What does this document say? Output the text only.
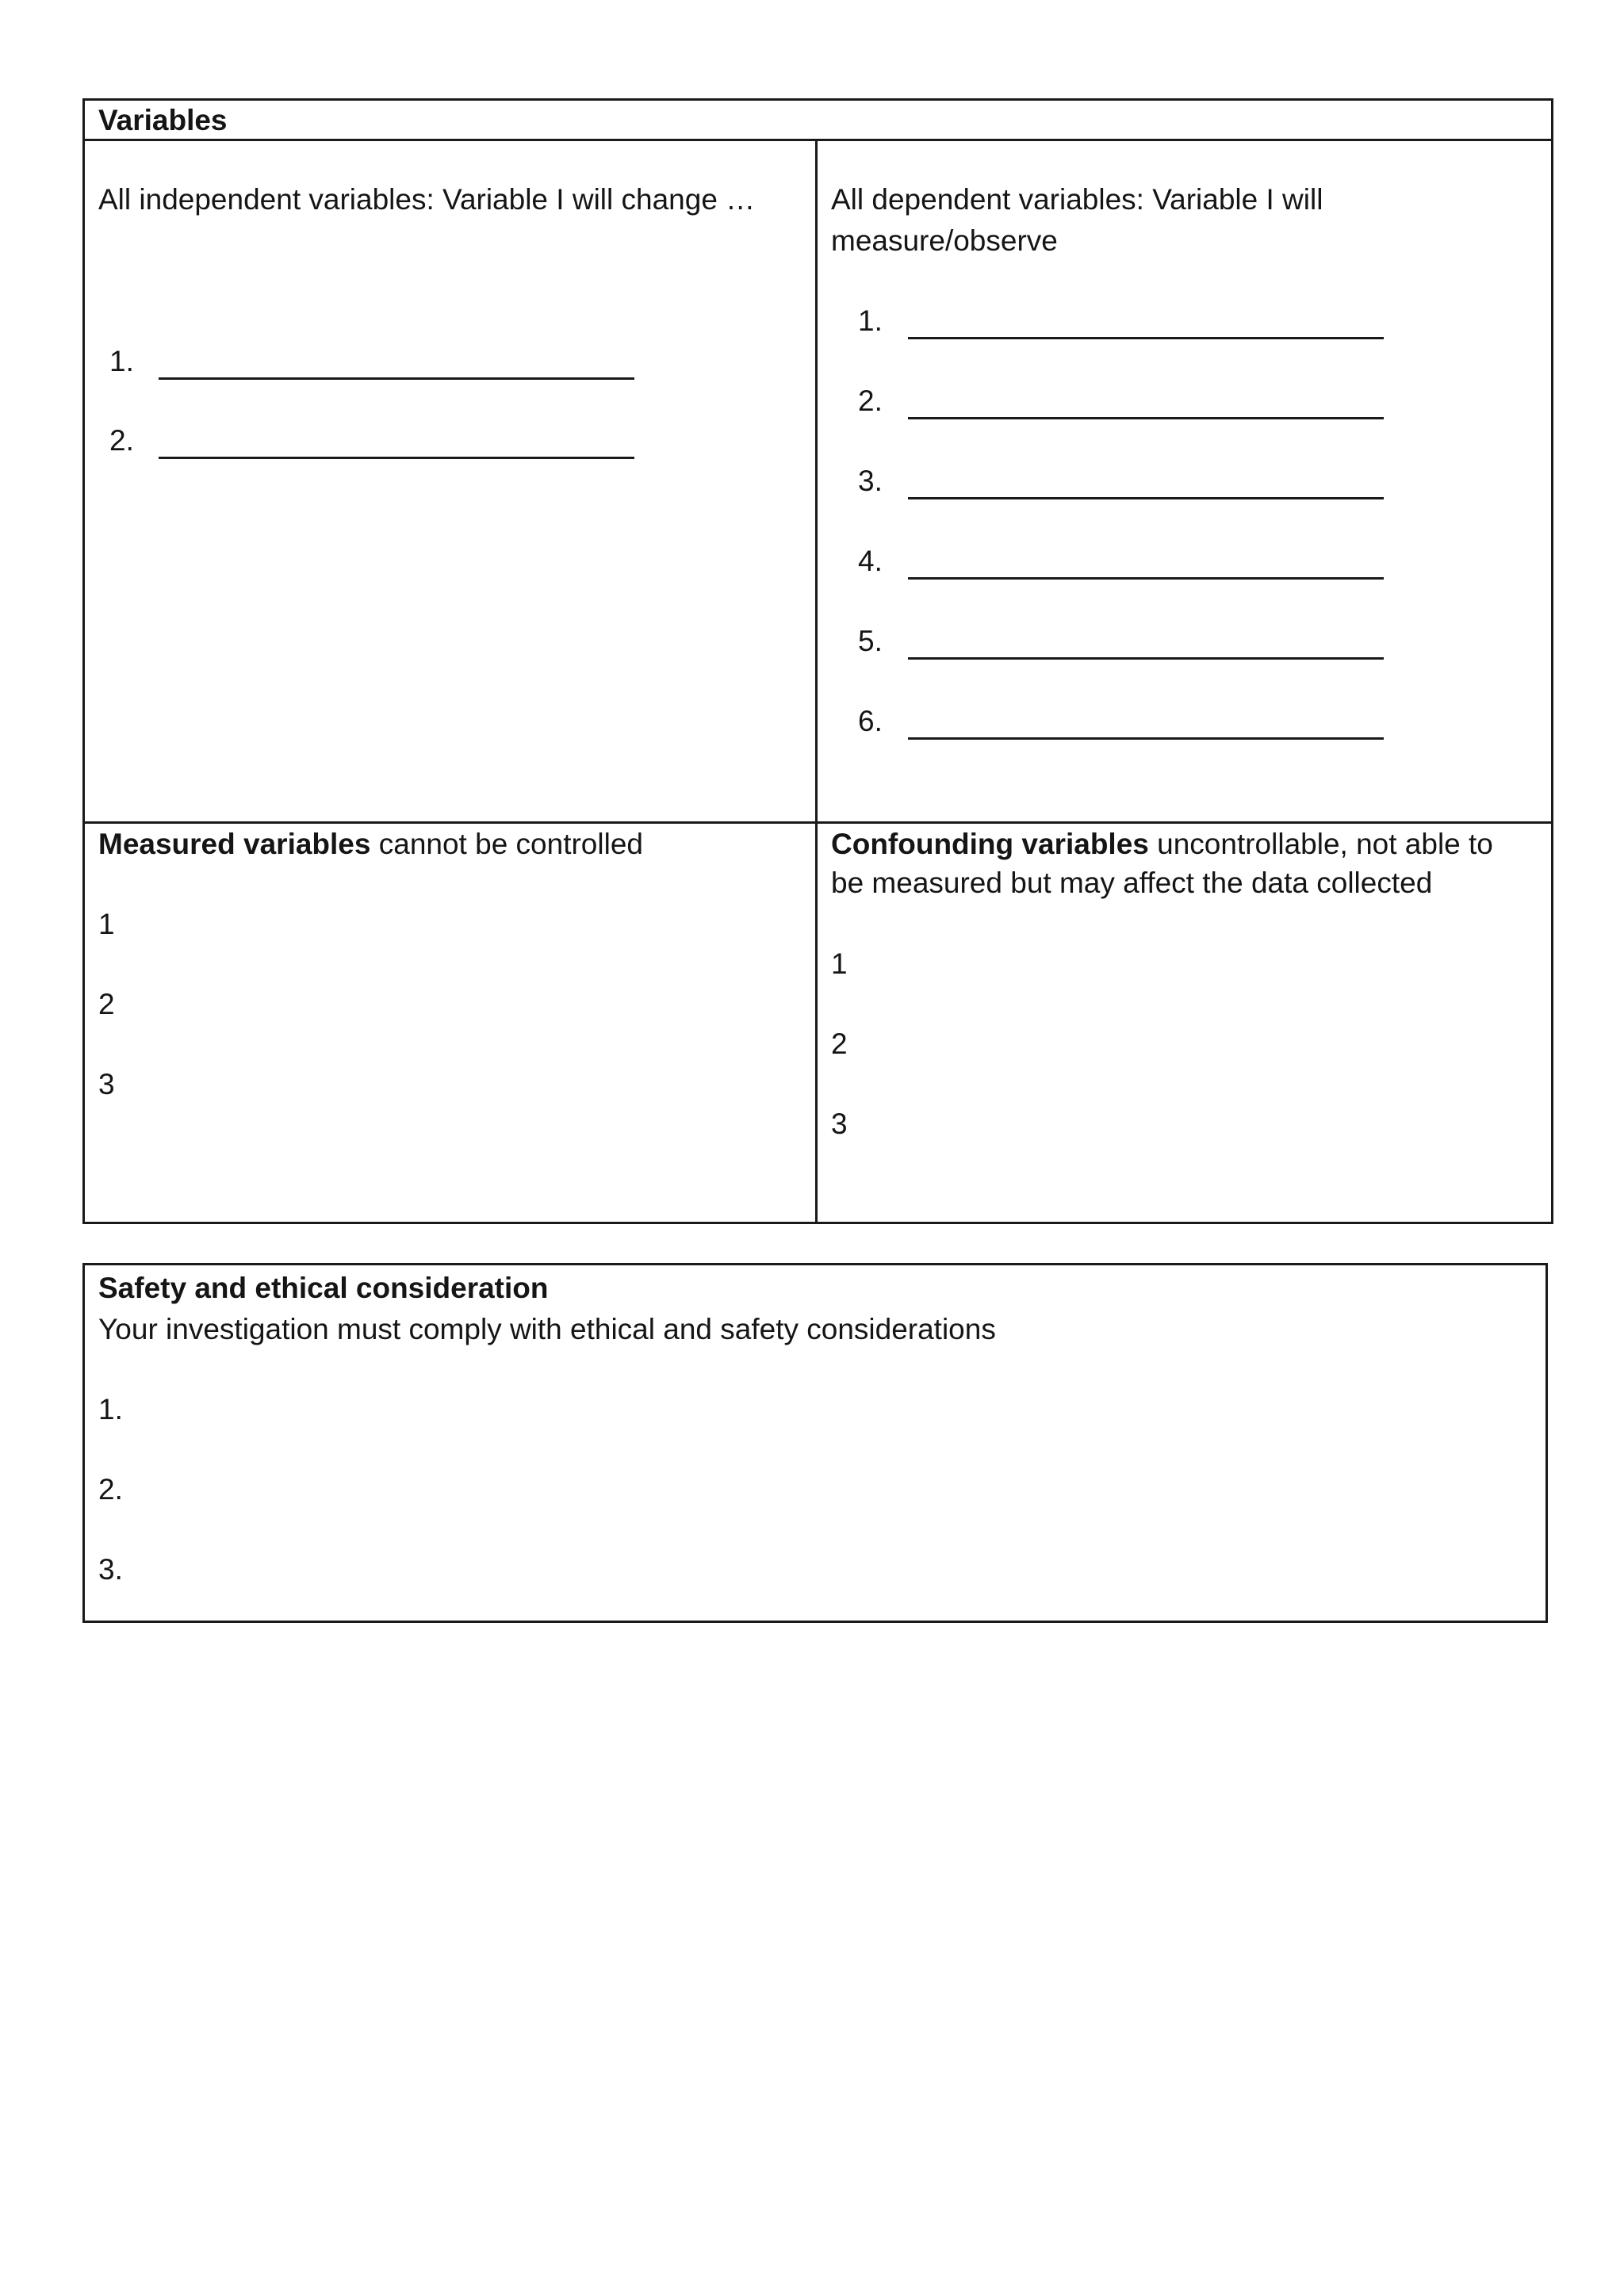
Variables
All independent variables: Variable I will change …
1.
2.
All dependent variables: Variable I will
measure/observe
1.
2.
3.
4.
5.
6.
Measured variables cannot be controlled
1
2
3
Confounding variables uncontrollable, not able to
be measured but may affect the data collected
1
2
3
Safety and ethical consideration
Your investigation must comply with ethical and safety considerations
1.
2.
3.
